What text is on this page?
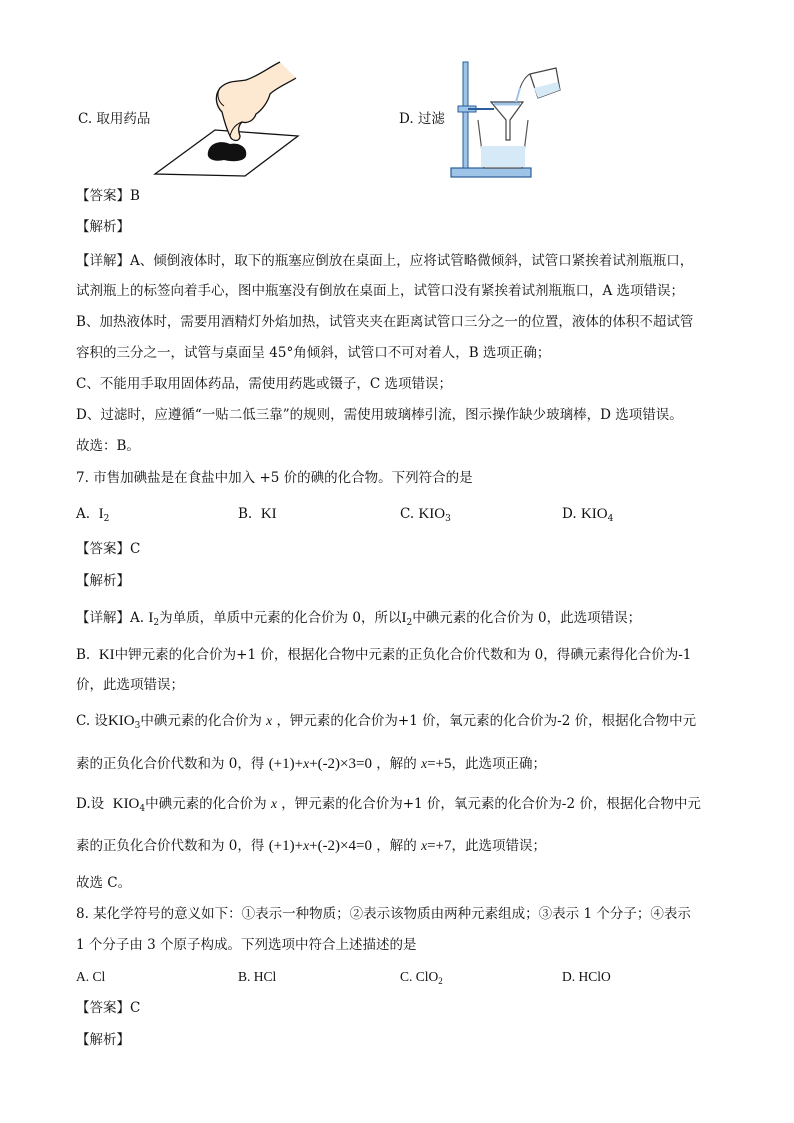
C. 取用药品	D. 过滤
【答案】B
【解析】
【详解】A、倾倒液体时，取下的瓶塞应倒放在桌面上，应将试管略微倾斜，试管口紧挨着试剂瓶瓶口，
试剂瓶上的标签向着手心，图中瓶塞没有倒放在桌面上，试管口没有紧挨着试剂瓶瓶口，A 选项错误；
B、加热液体时，需要用酒精灯外焰加热，试管夹夹在距离试管口三分之一的位置，液体的体积不超试管
容积的三分之一，试管与桌面呈 45°角倾斜，试管口不可对着人，B 选项正确；
C、不能用手取用固体药品，需使用药匙或镊子，C 选项错误；
D、过滤时，应遵循“一贴二低三靠”的规则，需使用玻璃棒引流，图示操作缺少玻璃棒，D 选项错误。
故选：B。
7. 市售加碘盐是在食盐中加入 +5 价的碘的化合物。下列符合的是
A. $I_2$	B. KI	C. $KIO_3$	D. $KIO_4$
【答案】C
【解析】
【详解】A. $I_2$为单质，单质中元素的化合价为 0，所以$I_2$中碘元素的化合价为 0，此选项错误；
B. KI中钾元素的化合价为+1 价，根据化合物中元素的正负化合价代数和为 0，得碘元素得化合价为-1
价，此选项错误；
C. 设$KIO_3$中碘元素的化合价为 x ，钾元素的化合价为+1 价，氧元素的化合价为-2 价，根据化合物中元
素的正负化合价代数和为 0，得 (+1)+x+(-2)×3=0 ，解的 x=+5，此选项正确；
D.设 $KIO_4$中碘元素的化合价为 x ，钾元素的化合价为+1 价，氧元素的化合价为-2 价，根据化合物中元
素的正负化合价代数和为 0，得 (+1)+x+(-2)×4=0 ，解的 x=+7，此选项错误；
故选 C。
8. 某化学符号的意义如下：①表示一种物质；②表示该物质由两种元素组成；③表示 1 个分子；④表示
1 个分子由 3 个原子构成。下列选项中符合上述描述的是
A. Cl	B. HCl	C. ClO$_2$	D. HClO
【答案】C
【解析】
